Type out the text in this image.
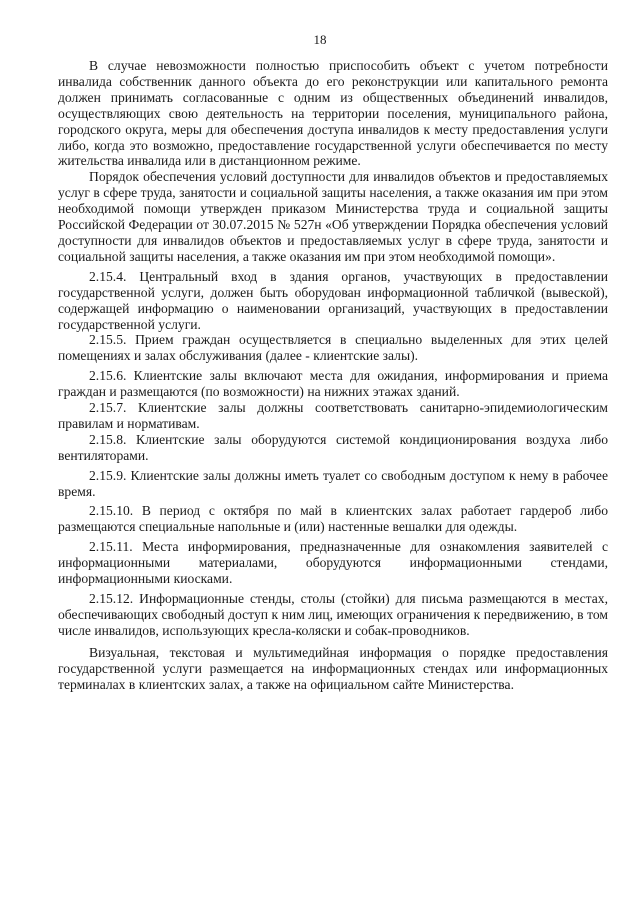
18

В случае невозможности полностью приспособить объект с учетом потребности инвалида собственник данного объекта до его реконструкции или капитального ремонта должен принимать согласованные с одним из общественных объединений инвалидов, осуществляющих свою деятельность на территории поселения, муниципального района, городского округа, меры для обеспечения доступа инвалидов к месту предоставления услуги либо, когда это возможно, предоставление государственной услуги обеспечивается по месту жительства инвалида или в дистанционном режиме.

Порядок обеспечения условий доступности для инвалидов объектов и предоставляемых услуг в сфере труда, занятости и социальной защиты населения, а также оказания им при этом необходимой помощи утвержден приказом Министерства труда и социальной защиты Российской Федерации от 30.07.2015 № 527н «Об утверждении Порядка обеспечения условий доступности для инвалидов объектов и предоставляемых услуг в сфере труда, занятости и социальной защиты населения, а также оказания им при этом необходимой помощи».

2.15.4. Центральный вход в здания органов, участвующих в предоставлении государственной услуги, должен быть оборудован информационной табличкой (вывеской), содержащей информацию о наименовании организаций, участвующих в предоставлении государственной услуги.

2.15.5. Прием граждан осуществляется в специально выделенных для этих целей помещениях и залах обслуживания (далее - клиентские залы).

2.15.6. Клиентские залы включают места для ожидания, информирования и приема граждан и размещаются (по возможности) на нижних этажах зданий.

2.15.7. Клиентские залы должны соответствовать санитарно-эпидемиологическим правилам и нормативам.

2.15.8. Клиентские залы оборудуются системой кондиционирования воздуха либо вентиляторами.

2.15.9. Клиентские залы должны иметь туалет со свободным доступом к нему в рабочее время.

2.15.10. В период с октября по май в клиентских залах работает гардероб либо размещаются специальные напольные и (или) настенные вешалки для одежды.

2.15.11. Места информирования, предназначенные для ознакомления заявителей с информационными материалами, оборудуются информационными стендами, информационными киосками.

2.15.12. Информационные стенды, столы (стойки) для письма размещаются в местах, обеспечивающих свободный доступ к ним лиц, имеющих ограничения к передвижению, в том числе инвалидов, использующих кресла-коляски и собак-проводников.

Визуальная, текстовая и мультимедийная информация о порядке предоставления государственной услуги размещается на информационных стендах или информационных терминалах в клиентских залах, а также на официальном сайте Министерства.
